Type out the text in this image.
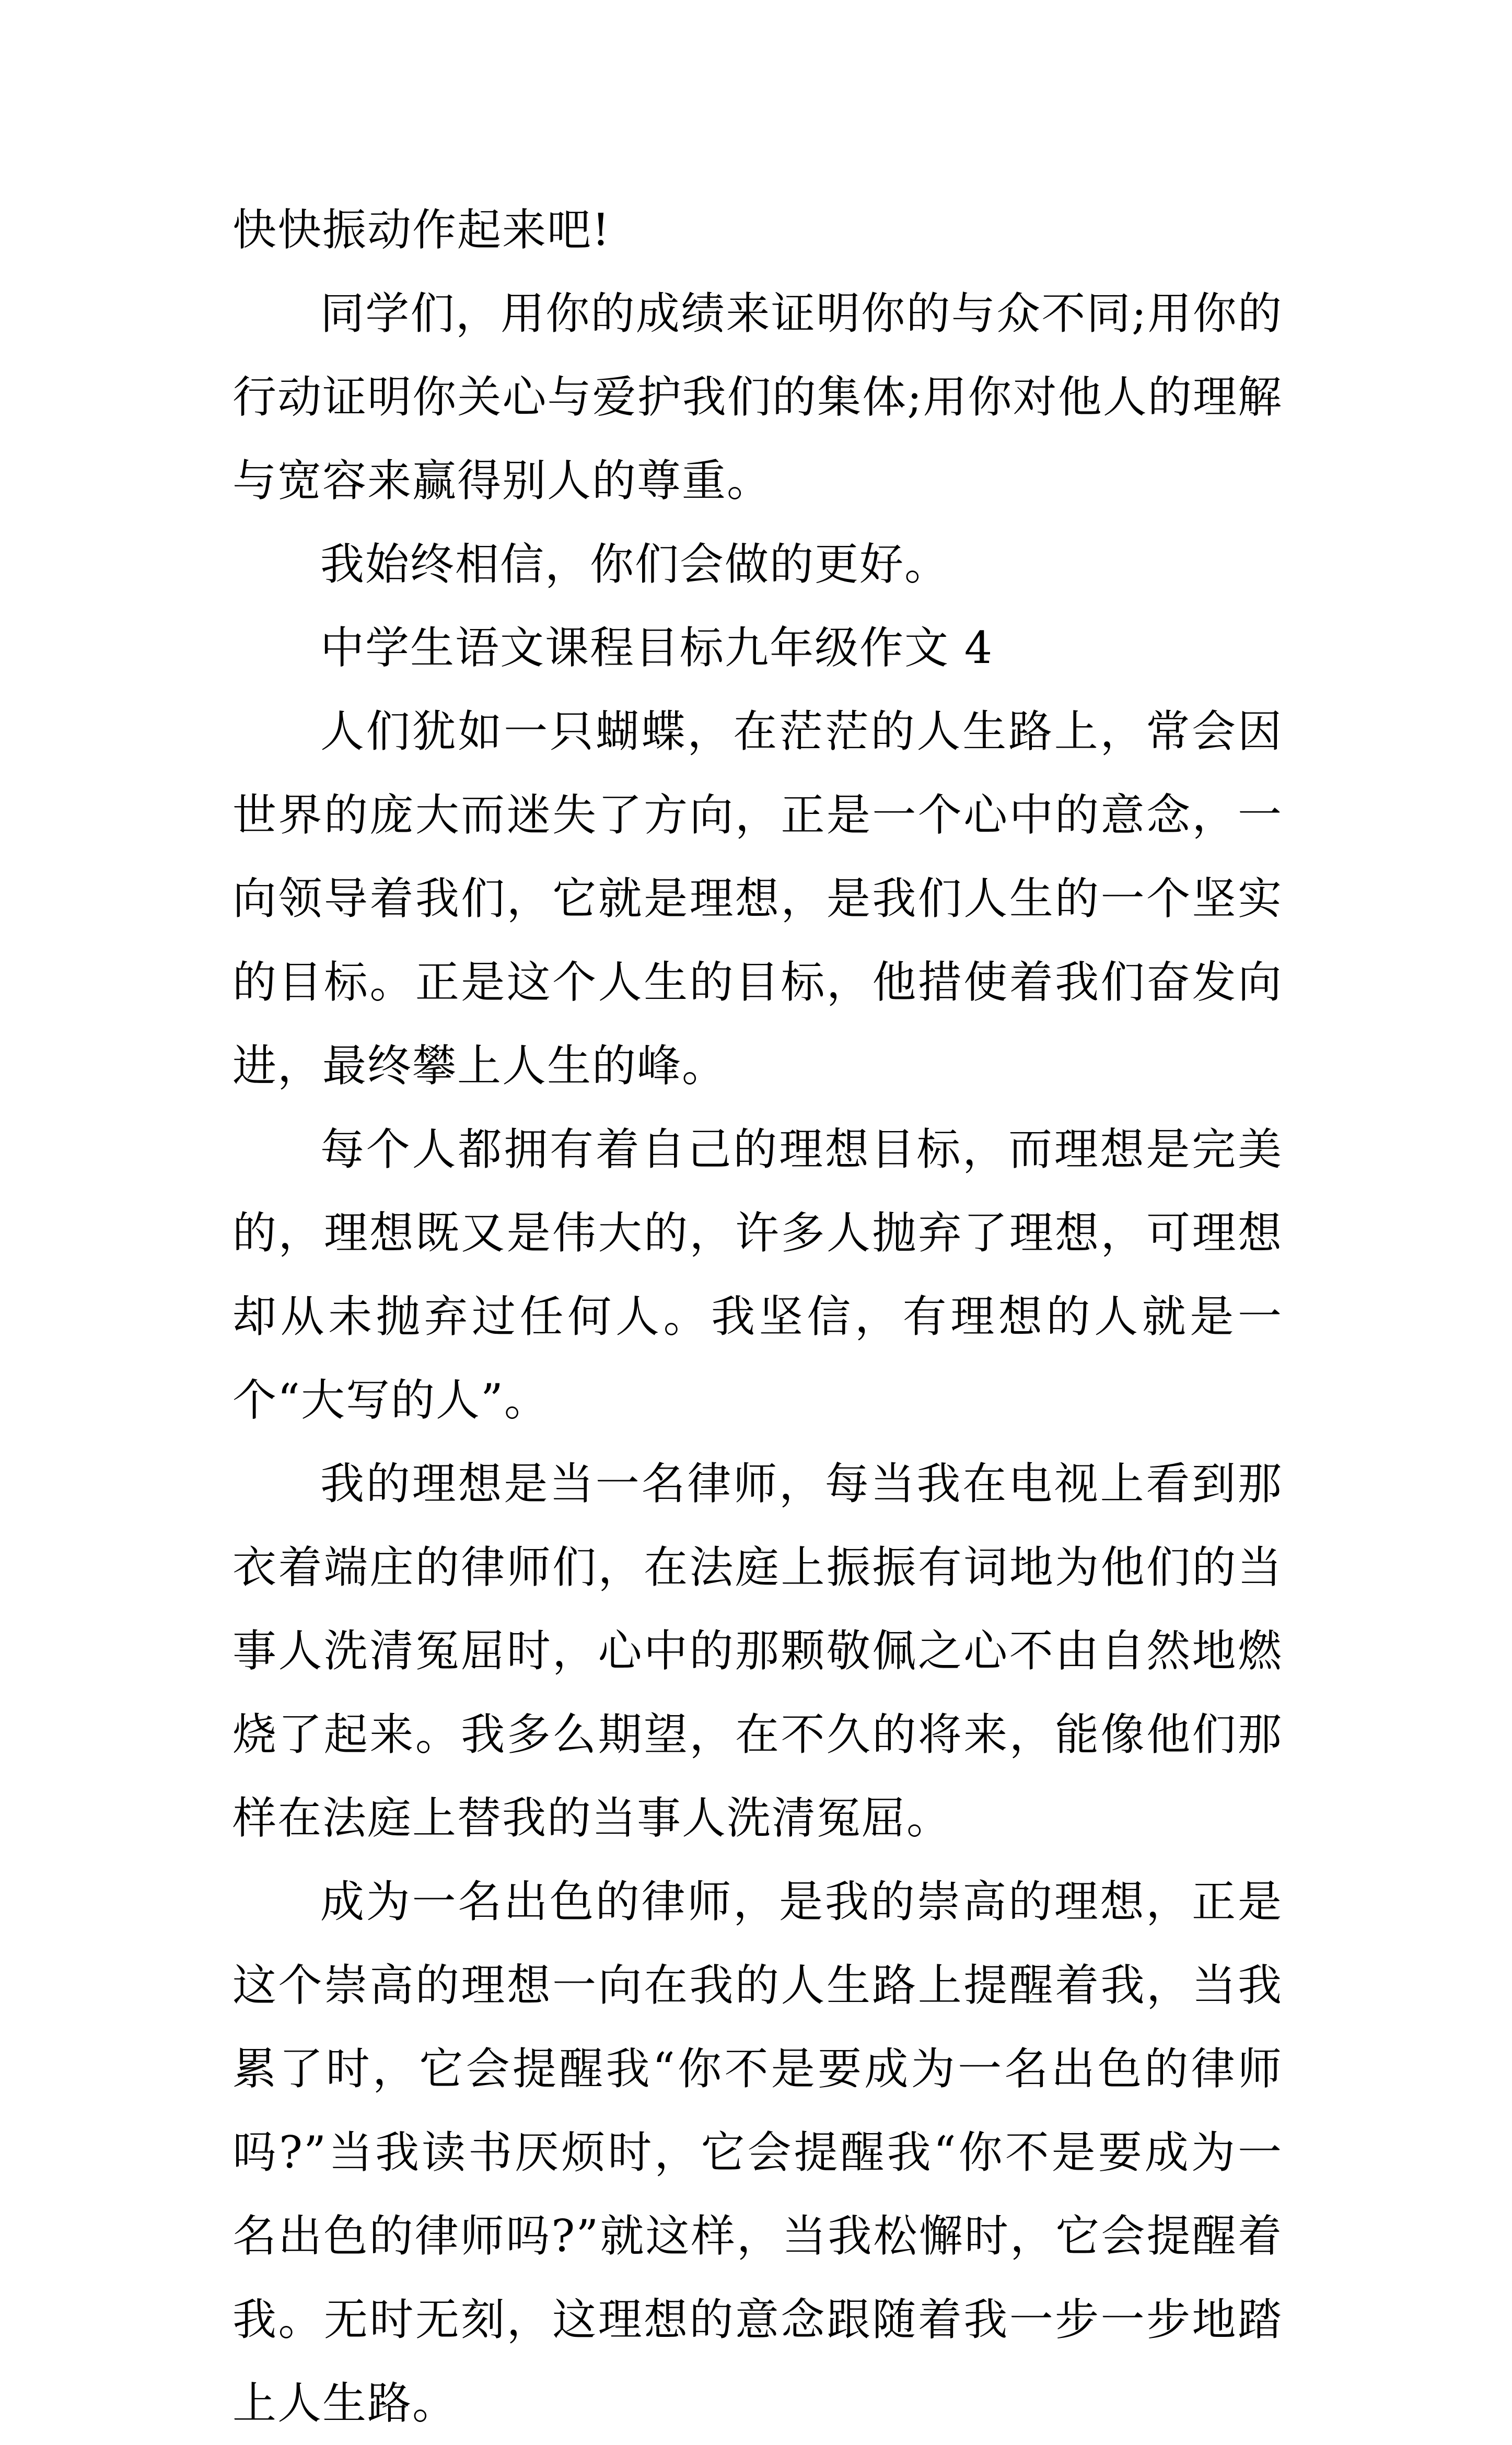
快快振动作起来吧!

同学们，用你的成绩来证明你的与众不同;用你的行动证明你关心与爱护我们的集体;用你对他人的理解与宽容来赢得别人的尊重。

我始终相信，你们会做的更好。

中学生语文课程目标九年级作文 4

人们犹如一只蝴蝶，在茫茫的人生路上，常会因世界的庞大而迷失了方向，正是一个心中的意念，一向领导着我们，它就是理想，是我们人生的一个坚实的目标。正是这个人生的目标，他措使着我们奋发向进，最终攀上人生的峰。

每个人都拥有着自己的理想目标，而理想是完美的，理想既又是伟大的，许多人抛弃了理想，可理想却从未抛弃过任何人。我坚信，有理想的人就是一个“大写的人”。

我的理想是当一名律师，每当我在电视上看到那衣着端庄的律师们，在法庭上振振有词地为他们的当事人洗清冤屈时，心中的那颗敬佩之心不由自然地燃烧了起来。我多么期望，在不久的将来，能像他们那样在法庭上替我的当事人洗清冤屈。

成为一名出色的律师，是我的崇高的理想，正是这个崇高的理想一向在我的人生路上提醒着我，当我累了时，它会提醒我“你不是要成为一名出色的律师吗?”当我读书厌烦时，它会提醒我“你不是要成为一名出色的律师吗?”就这样，当我松懈时，它会提醒着我。无时无刻，这理想的意念跟随着我一步一步地踏上人生路。
